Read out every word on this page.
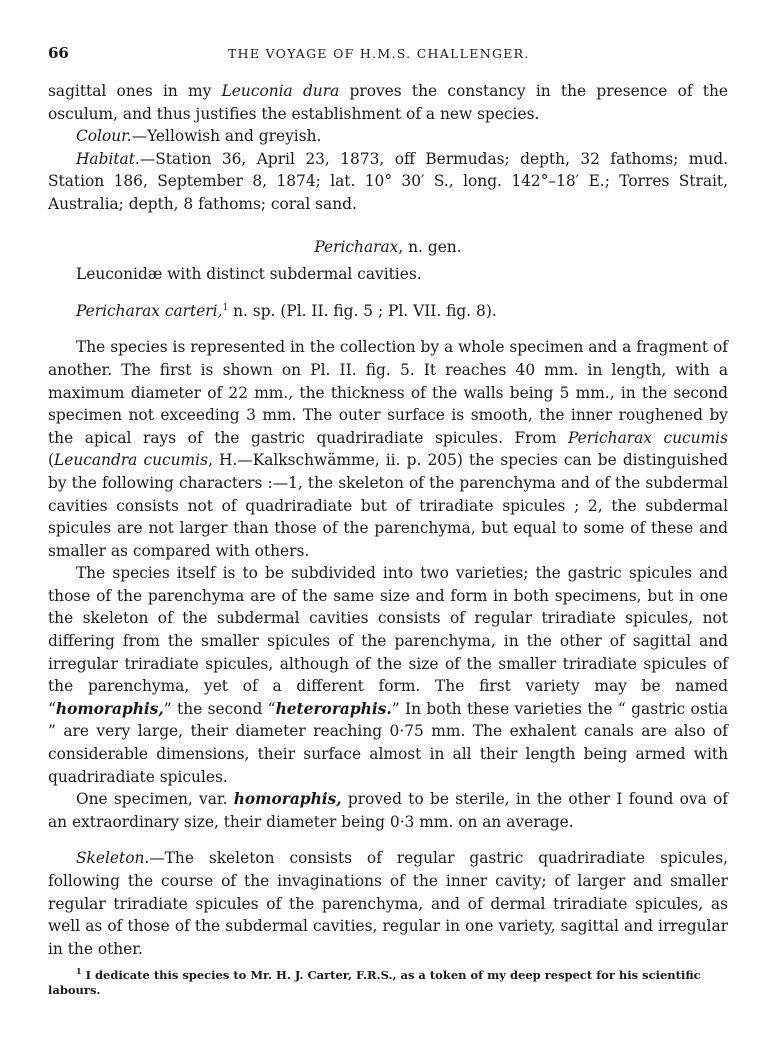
66	THE VOYAGE OF H.M.S. CHALLENGER.

sagittal ones in my Leuconia dura proves the constancy in the presence of the osculum, and thus justifies the establishment of a new species.

Colour.—Yellowish and greyish.

Habitat.—Station 36, April 23, 1873, off Bermudas; depth, 32 fathoms; mud. Station 186, September 8, 1874; lat. 10° 30′ S., long. 142°–18′ E.; Torres Strait, Australia; depth, 8 fathoms; coral sand.

Pericharax, n. gen.

Leuconidæ with distinct subdermal cavities.

Pericharax carteri,$^1$ n. sp. (Pl. II. fig. 5 ; Pl. VII. fig. 8).

The species is represented in the collection by a whole specimen and a fragment of another. The first is shown on Pl. II. fig. 5. It reaches 40 mm. in length, with a maximum diameter of 22 mm., the thickness of the walls being 5 mm., in the second specimen not exceeding 3 mm. The outer surface is smooth, the inner roughened by the apical rays of the gastric quadriradiate spicules. From Pericharax cucumis (Leucandra cucumis, H.—Kalkschwämme, ii. p. 205) the species can be distinguished by the following characters :—1, the skeleton of the parenchyma and of the subdermal cavities consists not of quadriradiate but of triradiate spicules ; 2, the subdermal spicules are not larger than those of the parenchyma, but equal to some of these and smaller as compared with others.

The species itself is to be subdivided into two varieties; the gastric spicules and those of the parenchyma are of the same size and form in both specimens, but in one the skeleton of the subdermal cavities consists of regular triradiate spicules, not differing from the smaller spicules of the parenchyma, in the other of sagittal and irregular triradiate spicules, although of the size of the smaller triradiate spicules of the parenchyma, yet of a different form. The first variety may be named “homoraphis,” the second “heteroraphis.” In both these varieties the “ gastric ostia ” are very large, their diameter reaching 0·75 mm. The exhalent canals are also of considerable dimensions, their surface almost in all their length being armed with quadriradiate spicules.

One specimen, var. homoraphis, proved to be sterile, in the other I found ova of an extraordinary size, their diameter being 0·3 mm. on an average.

Skeleton.—The skeleton consists of regular gastric quadriradiate spicules, following the course of the invaginations of the inner cavity; of larger and smaller regular triradiate spicules of the parenchyma, and of dermal triradiate spicules, as well as of those of the subdermal cavities, regular in one variety, sagittal and irregular in the other.

$^1$ I dedicate this species to Mr. H. J. Carter, F.R.S., as a token of my deep respect for his scientific labours.
